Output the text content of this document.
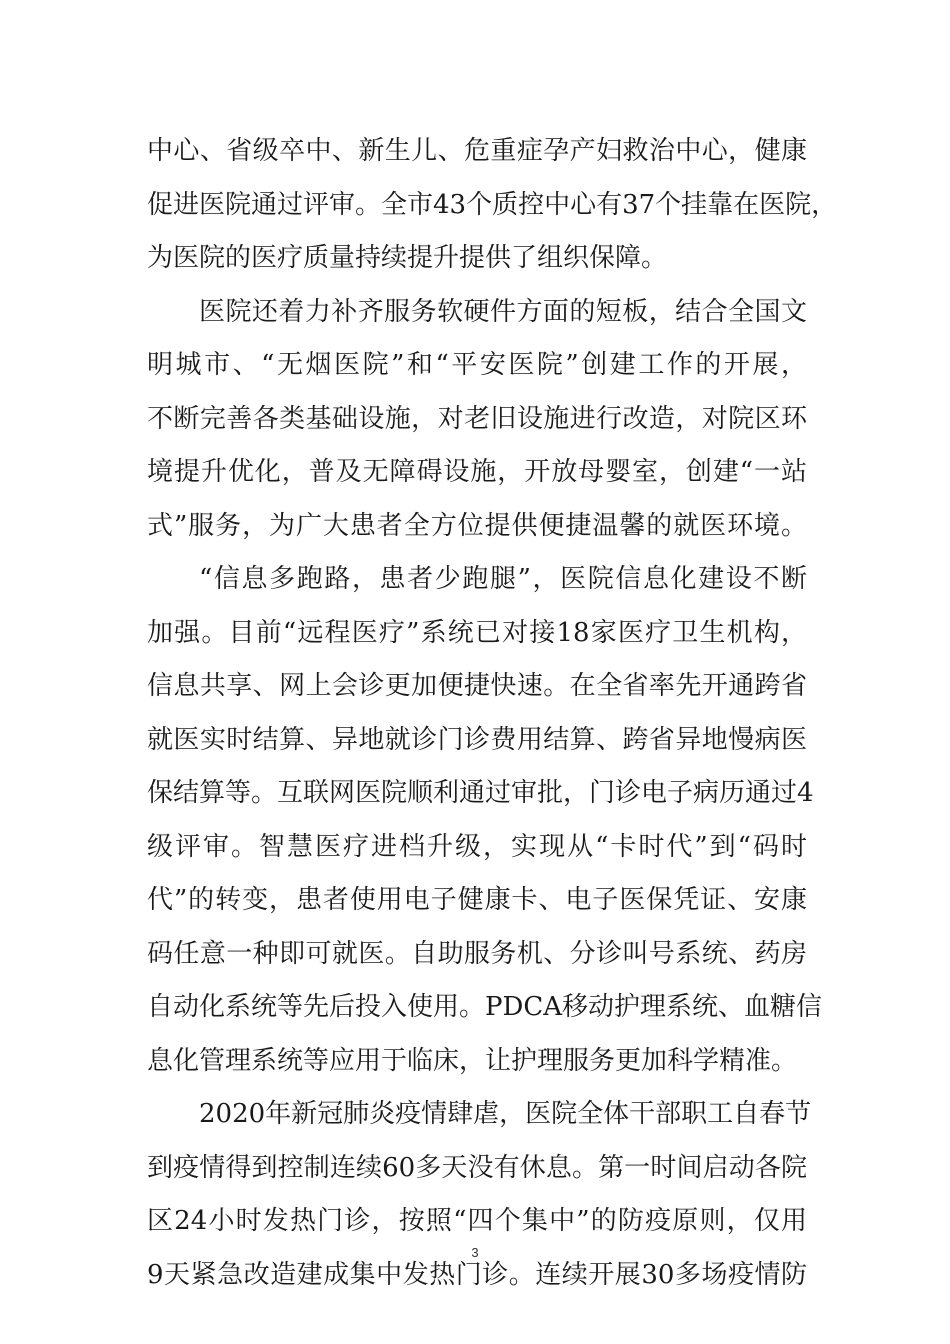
中心、省级卒中、新生儿、危重症孕产妇救治中心，健康
促进医院通过评审。全市43个质控中心有37个挂靠在医院，
为医院的医疗质量持续提升提供了组织保障。
医院还着力补齐服务软硬件方面的短板，结合全国文
明城市、“无烟医院”和“平安医院”创建工作的开展，
不断完善各类基础设施，对老旧设施进行改造，对院区环
境提升优化，普及无障碍设施，开放母婴室，创建“一站
式”服务，为广大患者全方位提供便捷温馨的就医环境。
“信息多跑路，患者少跑腿”，医院信息化建设不断
加强。目前“远程医疗”系统已对接18家医疗卫生机构，
信息共享、网上会诊更加便捷快速。在全省率先开通跨省
就医实时结算、异地就诊门诊费用结算、跨省异地慢病医
保结算等。互联网医院顺利通过审批，门诊电子病历通过4
级评审。智慧医疗进档升级，实现从“卡时代”到“码时
代”的转变，患者使用电子健康卡、电子医保凭证、安康
码任意一种即可就医。自助服务机、分诊叫号系统、药房
自动化系统等先后投入使用。PDCA移动护理系统、血糖信
息化管理系统等应用于临床，让护理服务更加科学精准。
2020年新冠肺炎疫情肆虐，医院全体干部职工自春节
到疫情得到控制连续60多天没有休息。第一时间启动各院
区24小时发热门诊，按照“四个集中”的防疫原则，仅用
9天紧急改造建成集中发热门诊。连续开展30多场疫情防
3
